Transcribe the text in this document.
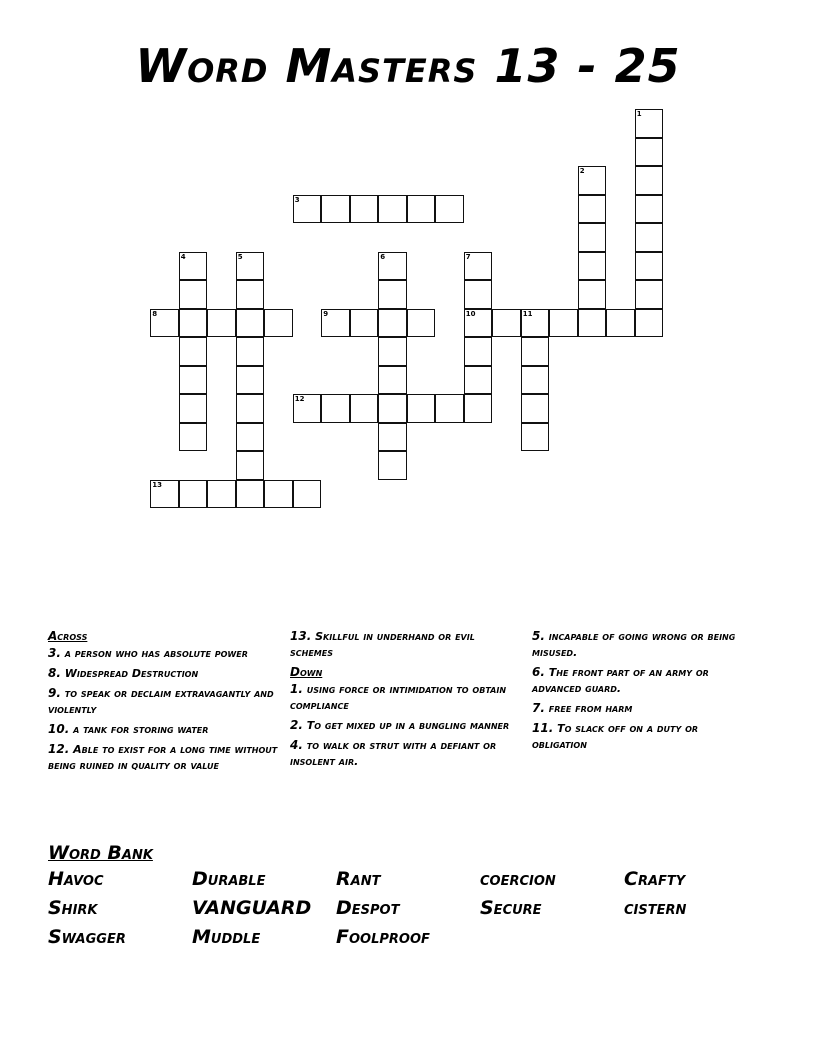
Word Masters 13 - 25
1
2
3
4	5	6	7
10
8	9	11
12
13
Across
3. a person who has absolute power
8. Widespread Destruction
9. to speak or declaim extravagantly and violently
10. a tank for storing water
12. Able to exist for a long time without being ruined in quality or value
13. Skillful in underhand or evil schemes
Down
1. using force or intimidation to obtain compliance
2. To get mixed up in a bungling manner
4. to walk or strut with a defiant or insolent air.
5. incapable of going wrong or being misused.
6. The front part of an army or advanced guard.
7. free from harm
11. To slack off on a duty or obligation
Word Bank
Havoc	Durable	Rant	coercion	Crafty
Shirk	VANGUARD	Despot	Secure	cistern
Swagger	Muddle	Foolproof
